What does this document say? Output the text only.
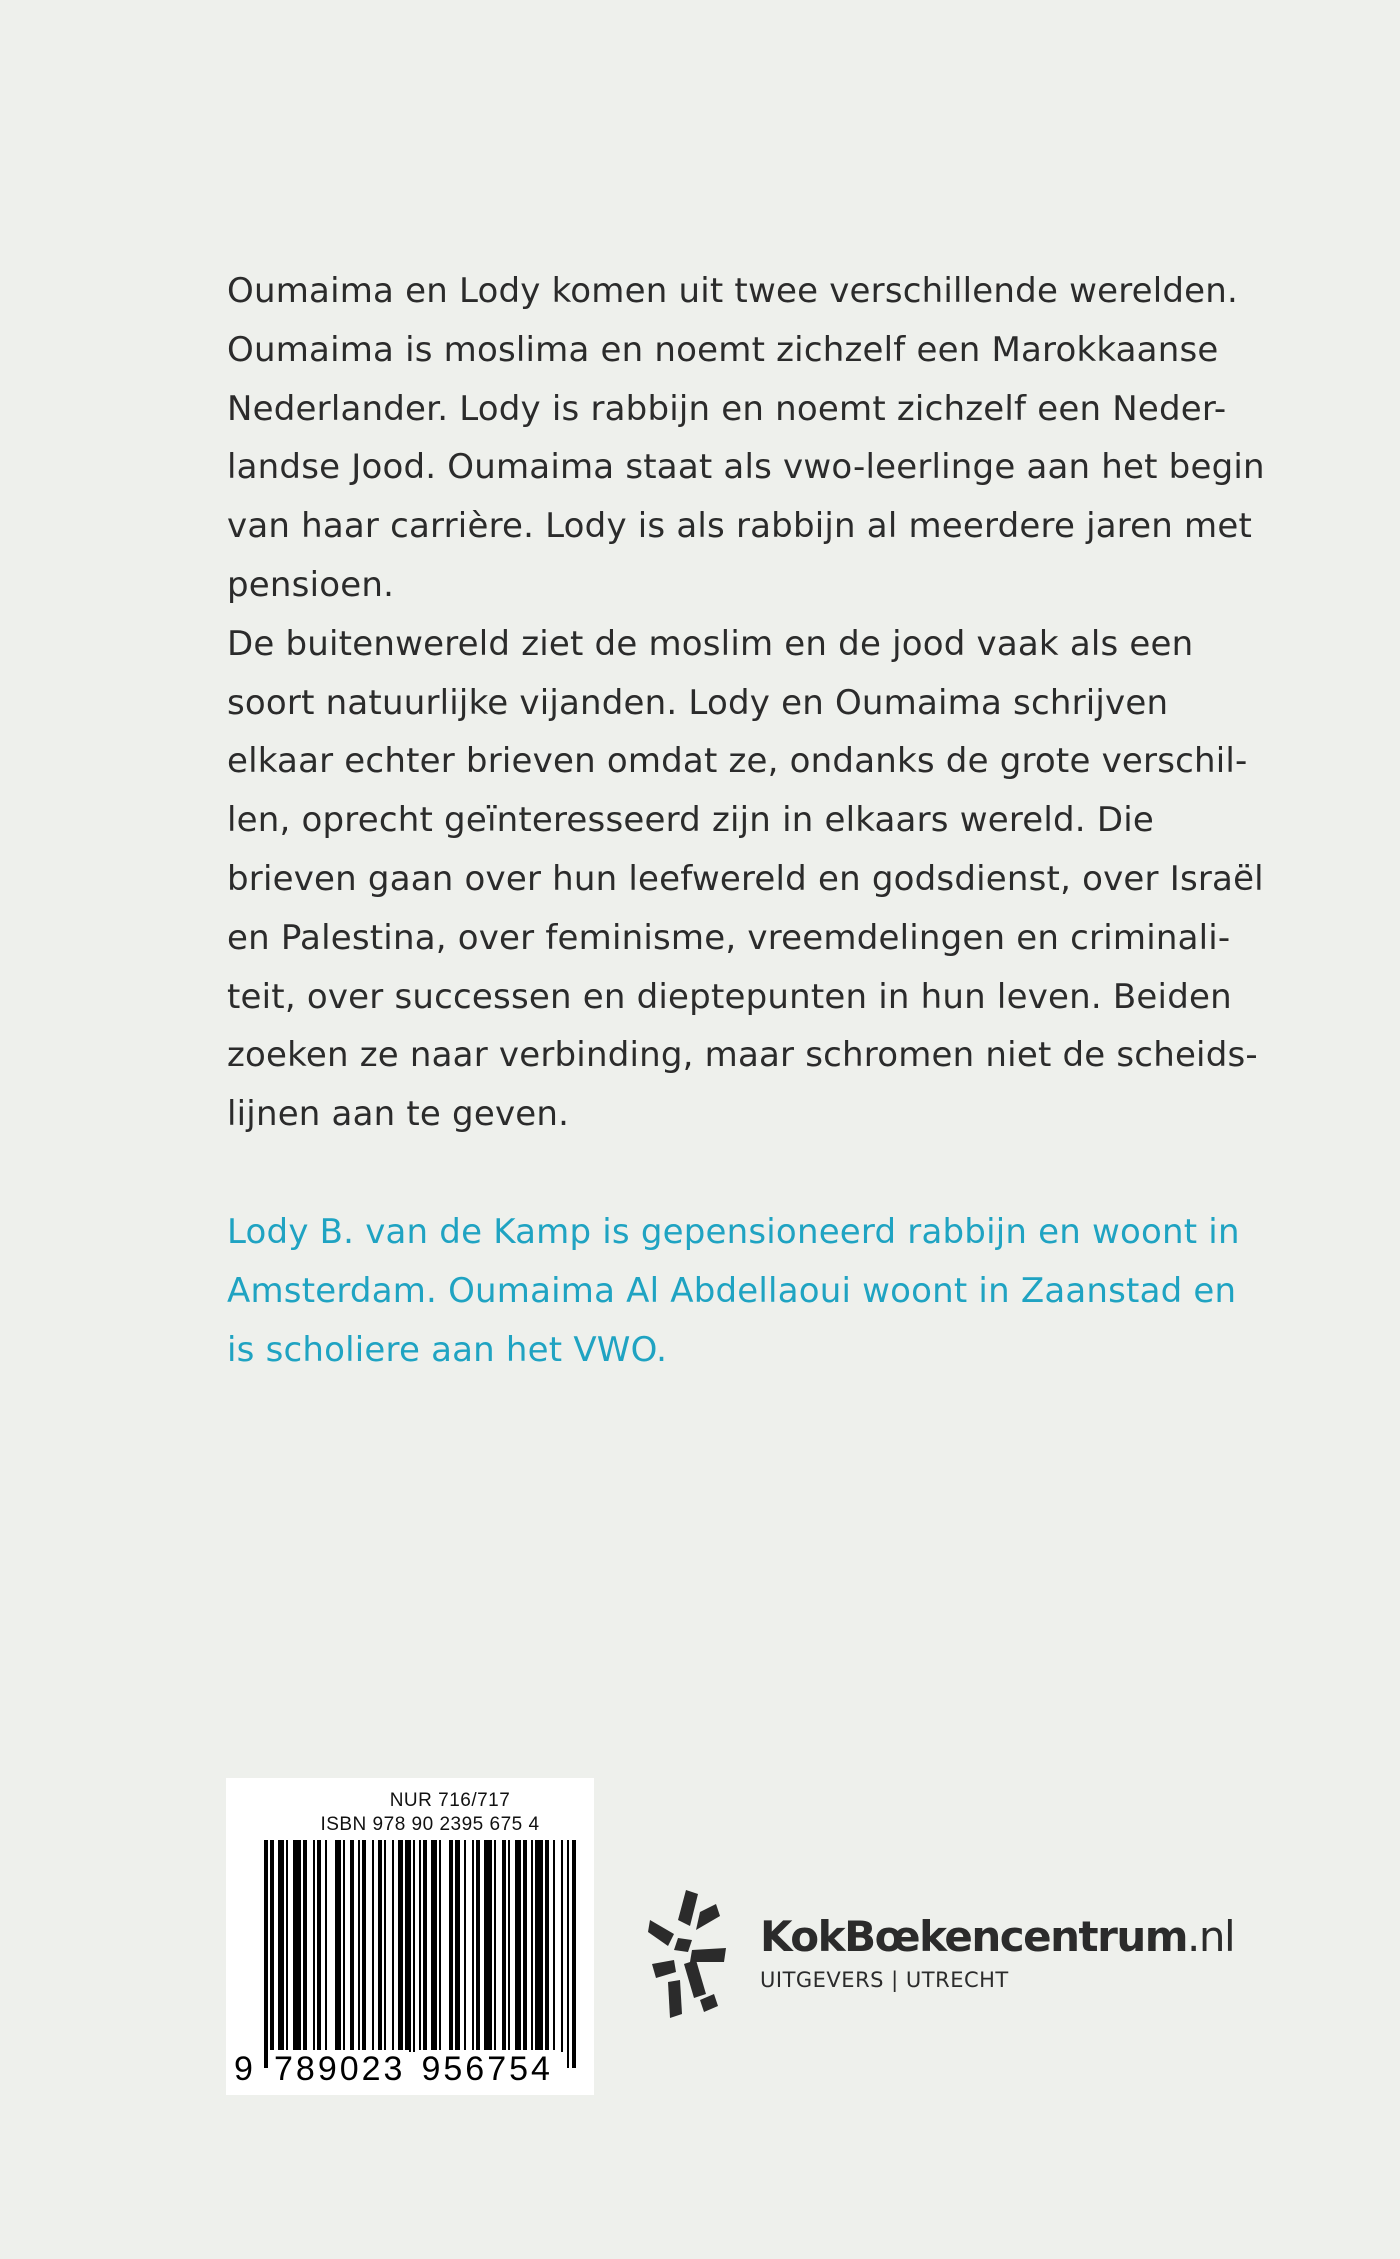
Oumaima en Lody komen uit twee verschillende werelden.
Oumaima is moslima en noemt zichzelf een Marokkaanse
Nederlander. Lody is rabbijn en noemt zichzelf een Neder-
landse Jood. Oumaima staat als vwo-leerlinge aan het begin
van haar carrière. Lody is als rabbijn al meerdere jaren met
pensioen.
De buitenwereld ziet de moslim en de jood vaak als een
soort natuurlijke vijanden. Lody en Oumaima schrijven
elkaar echter brieven omdat ze, ondanks de grote verschil-
len, oprecht geïnteresseerd zijn in elkaars wereld. Die
brieven gaan over hun leefwereld en godsdienst, over Israël
en Palestina, over feminisme, vreemdelingen en criminali-
teit, over successen en dieptepunten in hun leven. Beiden
zoeken ze naar verbinding, maar schromen niet de scheids-
lijnen aan te geven.
Lody B. van de Kamp is gepensioneerd rabbijn en woont in
Amsterdam. Oumaima Al Abdellaoui woont in Zaanstad en
is scholiere aan het VWO.
NUR 716/717
ISBN 978 90 2395 675 4
9 789023 956754
KokBœkencentrum.nl
UITGEVERS | UTRECHT
